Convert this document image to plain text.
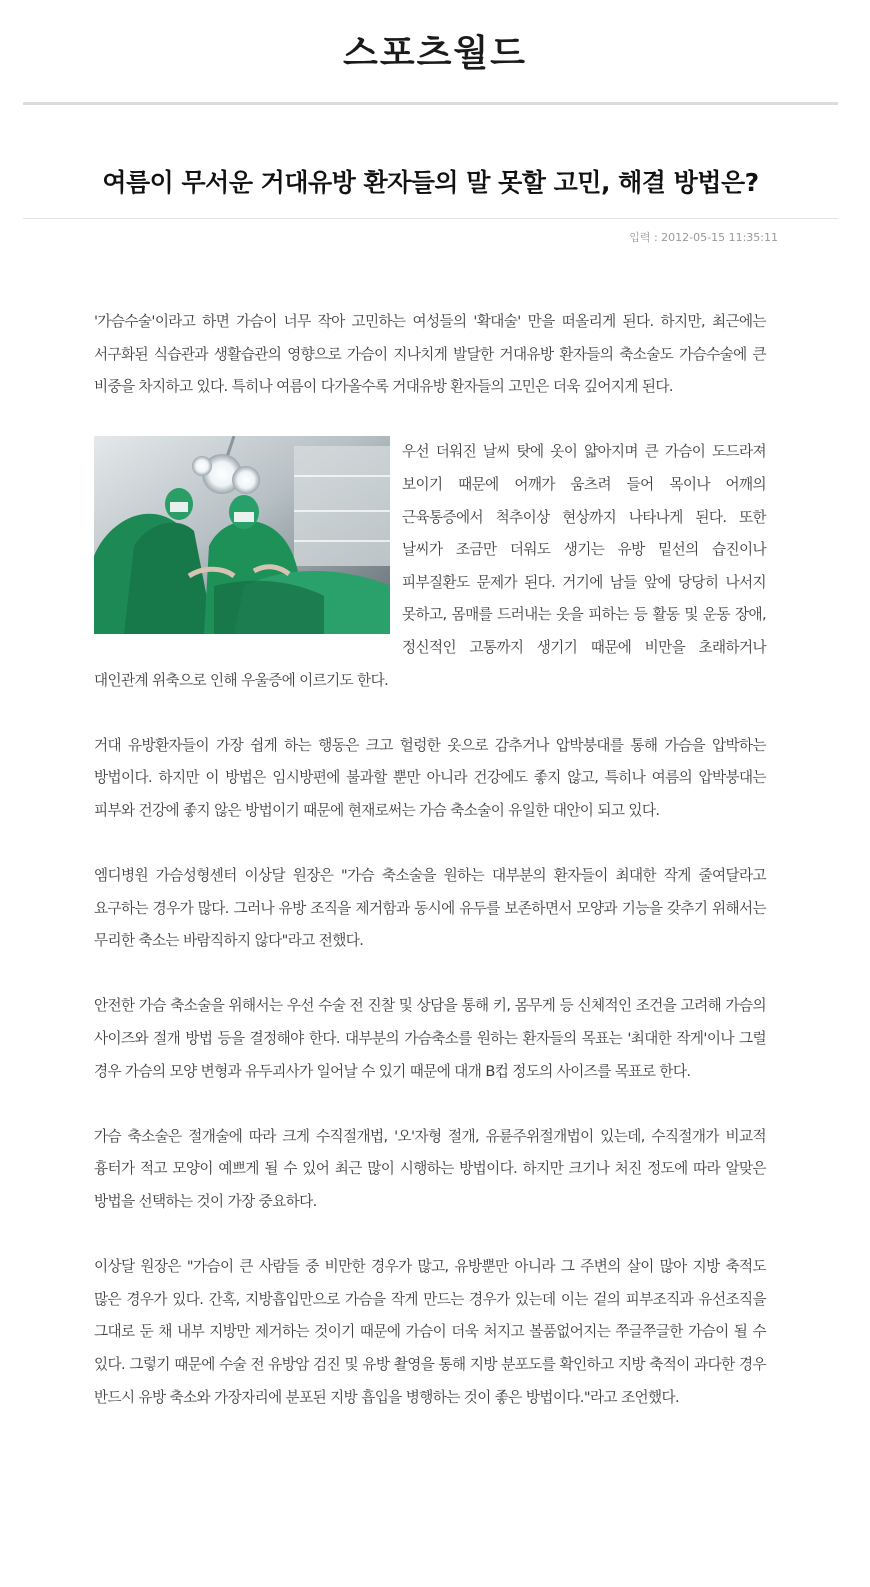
스포츠월드
여름이 무서운 거대유방 환자들의 말 못할 고민, 해결 방법은?
입력 : 2012-05-15 11:35:11

'가슴수술'이라고 하면 가슴이 너무 작아 고민하는 여성들의 '확대술' 만을 떠올리게 된다. 하지만, 최근에는 서구화된 식습관과 생활습관의 영향으로 가슴이 지나치게 발달한 거대유방 환자들의 축소술도 가슴수술에 큰 비중을 차지하고 있다. 특히나 여름이 다가올수록 거대유방 환자들의 고민은 더욱 깊어지게 된다.

우선 더워진 날씨 탓에 옷이 얇아지며 큰 가슴이 도드라져 보이기 때문에 어깨가 움츠려 들어 목이나 어깨의 근육통증에서 척추이상 현상까지 나타나게 된다. 또한 날씨가 조금만 더워도 생기는 유방 밑선의 습진이나 피부질환도 문제가 된다. 거기에 남들 앞에 당당히 나서지 못하고, 몸매를 드러내는 옷을 피하는 등 활동 및 운동 장애, 정신적인 고통까지 생기기 때문에 비만을 초래하거나 대인관계 위축으로 인해 우울증에 이르기도 한다.

거대 유방환자들이 가장 쉽게 하는 행동은 크고 헐렁한 옷으로 감추거나 압박붕대를 통해 가슴을 압박하는 방법이다. 하지만 이 방법은 임시방편에 불과할 뿐만 아니라 건강에도 좋지 않고, 특히나 여름의 압박붕대는 피부와 건강에 좋지 않은 방법이기 때문에 현재로써는 가슴 축소술이 유일한 대안이 되고 있다.

엠디병원 가슴성형센터 이상달 원장은 "가슴 축소술을 원하는 대부분의 환자들이 최대한 작게 줄여달라고 요구하는 경우가 많다. 그러나 유방 조직을 제거함과 동시에 유두를 보존하면서 모양과 기능을 갖추기 위해서는 무리한 축소는 바람직하지 않다"라고 전했다.

안전한 가슴 축소술을 위해서는 우선 수술 전 진찰 및 상담을 통해 키, 몸무게 등 신체적인 조건을 고려해 가슴의 사이즈와 절개 방법 등을 결정해야 한다. 대부분의 가슴축소를 원하는 환자들의 목표는 '최대한 작게'이나 그럴 경우 가슴의 모양 변형과 유두괴사가 일어날 수 있기 때문에 대개 B컵 정도의 사이즈를 목표로 한다.

가슴 축소술은 절개술에 따라 크게 수직절개법, '오'자형 절개, 유륜주위절개법이 있는데, 수직절개가 비교적 흉터가 적고 모양이 예쁘게 될 수 있어 최근 많이 시행하는 방법이다. 하지만 크기나 처진 정도에 따라 알맞은 방법을 선택하는 것이 가장 중요하다.

이상달 원장은 "가슴이 큰 사람들 중 비만한 경우가 많고, 유방뿐만 아니라 그 주변의 살이 많아 지방 축적도 많은 경우가 있다. 간혹, 지방흡입만으로 가슴을 작게 만드는 경우가 있는데 이는 겉의 피부조직과 유선조직을 그대로 둔 채 내부 지방만 제거하는 것이기 때문에 가슴이 더욱 처지고 볼품없어지는 쭈글쭈글한 가슴이 될 수 있다. 그렇기 때문에 수술 전 유방암 검진 및 유방 촬영을 통해 지방 분포도를 확인하고 지방 축적이 과다한 경우 반드시 유방 축소와 가장자리에 분포된 지방 흡입을 병행하는 것이 좋은 방법이다."라고 조언했다.
